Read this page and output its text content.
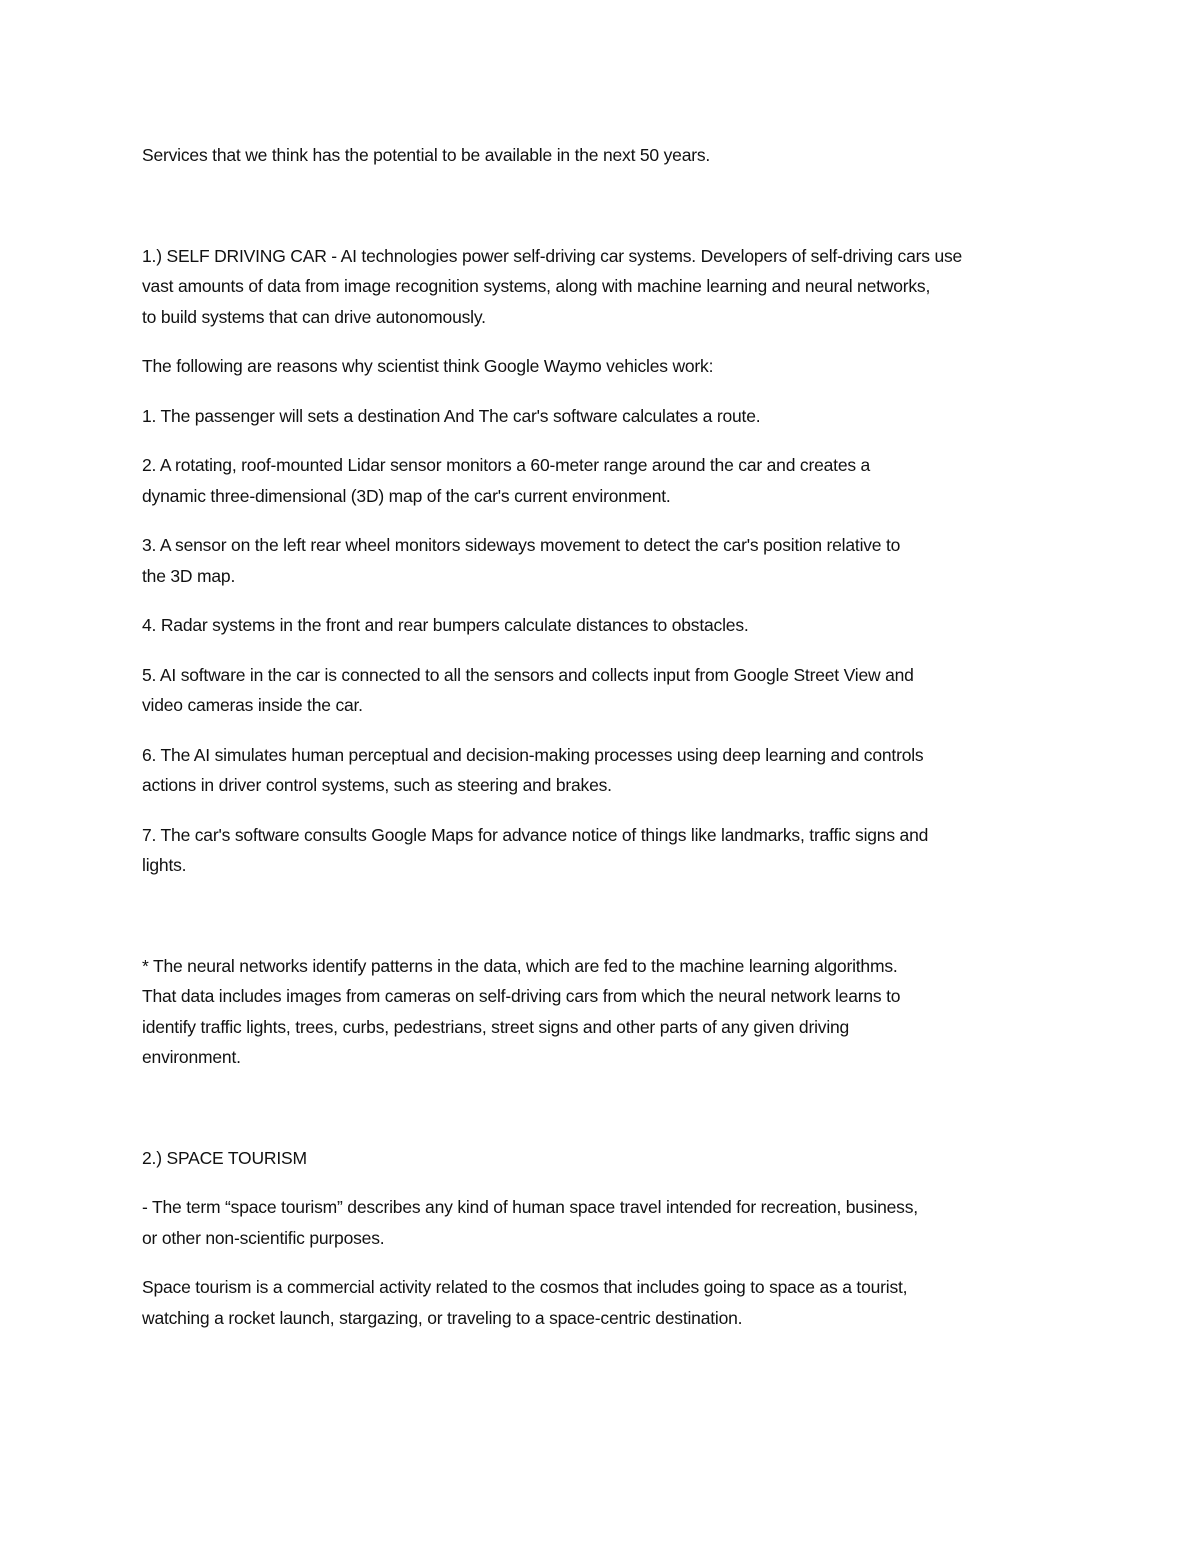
Services that we think has the potential to be available in the next 50 years.

1.) SELF DRIVING CAR - AI technologies power self-driving car systems. Developers of self-driving cars use
vast amounts of data from image recognition systems, along with machine learning and neural networks,
to build systems that can drive autonomously.

The following are reasons why scientist think Google Waymo vehicles work:

1. The passenger will sets a destination And The car's software calculates a route.

2. A rotating, roof-mounted Lidar sensor monitors a 60-meter range around the car and creates a
dynamic three-dimensional (3D) map of the car's current environment.

3. A sensor on the left rear wheel monitors sideways movement to detect the car's position relative to
the 3D map.

4. Radar systems in the front and rear bumpers calculate distances to obstacles.

5. AI software in the car is connected to all the sensors and collects input from Google Street View and
video cameras inside the car.

6. The AI simulates human perceptual and decision-making processes using deep learning and controls
actions in driver control systems, such as steering and brakes.

7. The car's software consults Google Maps for advance notice of things like landmarks, traffic signs and
lights.

* The neural networks identify patterns in the data, which are fed to the machine learning algorithms.
That data includes images from cameras on self-driving cars from which the neural network learns to
identify traffic lights, trees, curbs, pedestrians, street signs and other parts of any given driving
environment.

2.) SPACE TOURISM

- The term “space tourism” describes any kind of human space travel intended for recreation, business,
or other non-scientific purposes.

Space tourism is a commercial activity related to the cosmos that includes going to space as a tourist,
watching a rocket launch, stargazing, or traveling to a space-centric destination.
